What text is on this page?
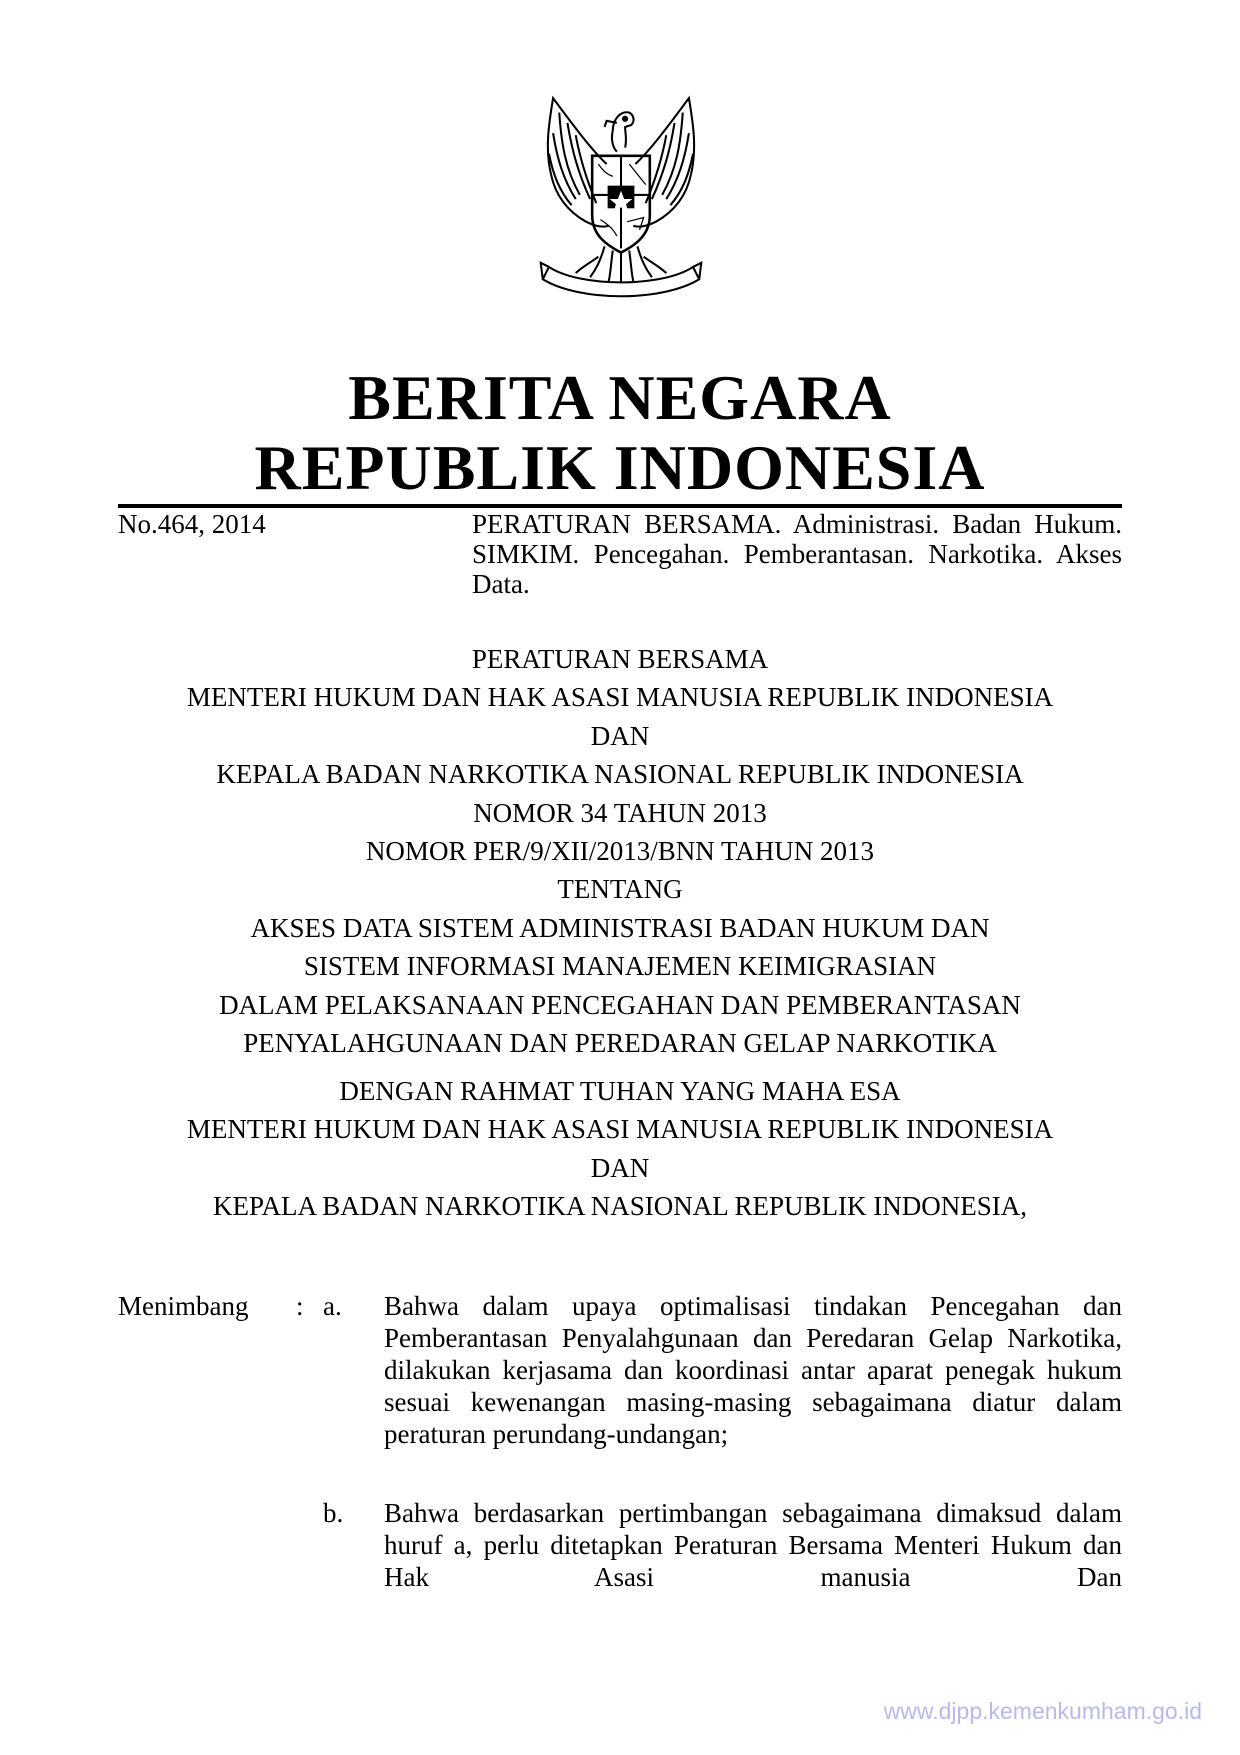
BERITA NEGARA
REPUBLIK INDONESIA
No.464, 2014	PERATURAN BERSAMA. Administrasi. Badan Hukum. SIMKIM. Pencegahan. Pemberantasan. Narkotika. Akses Data.
PERATURAN BERSAMA
MENTERI HUKUM DAN HAK ASASI MANUSIA REPUBLIK INDONESIA
DAN
KEPALA BADAN NARKOTIKA NASIONAL REPUBLIK INDONESIA
NOMOR 34 TAHUN 2013
NOMOR PER/9/XII/2013/BNN TAHUN 2013
TENTANG
AKSES DATA SISTEM ADMINISTRASI BADAN HUKUM DAN
SISTEM INFORMASI MANAJEMEN KEIMIGRASIAN
DALAM PELAKSANAAN PENCEGAHAN DAN PEMBERANTASAN
PENYALAHGUNAAN DAN PEREDARAN GELAP NARKOTIKA
DENGAN RAHMAT TUHAN YANG MAHA ESA
MENTERI HUKUM DAN HAK ASASI MANUSIA REPUBLIK INDONESIA
DAN
KEPALA BADAN NARKOTIKA NASIONAL REPUBLIK INDONESIA,
Menimbang : a. Bahwa dalam upaya optimalisasi tindakan Pencegahan dan Pemberantasan Penyalahgunaan dan Peredaran Gelap Narkotika, dilakukan kerjasama dan koordinasi antar aparat penegak hukum sesuai kewenangan masing-masing sebagaimana diatur dalam peraturan perundang-undangan;
b. Bahwa berdasarkan pertimbangan sebagaimana dimaksud dalam huruf a, perlu ditetapkan Peraturan Bersama Menteri Hukum dan Hak Asasi manusia Dan
www.djpp.kemenkumham.go.id
